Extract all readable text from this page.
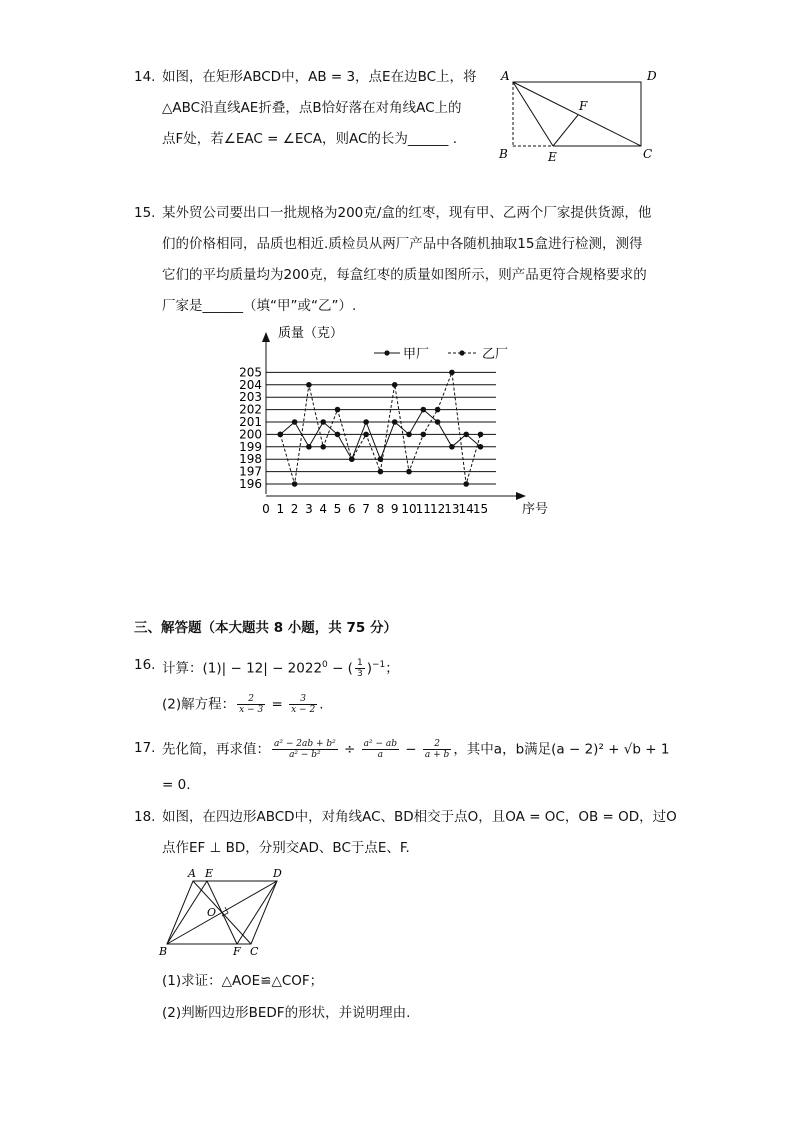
14. 如图，在矩形ABCD中，AB = 3，点E在边BC上，将
△ABC沿直线AE折叠，点B恰好落在对角线AC上的
点F处，若∠EAC = ∠ECA，则AC的长为______ .
A	D
B	E	C
F
15. 某外贸公司要出口一批规格为200克/盒的红枣，现有甲、乙两个厂家提供货源，他
们的价格相同，品质也相近.质检员从两厂产品中各随机抽取15盒进行检测，测得
它们的平均质量均为200克，每盒红枣的质量如图所示，则产品更符合规格要求的
厂家是______（填“甲”或“乙”）.
质量（克）
序号
甲厂	乙厂
196
197
198
199
200
201
202
203
204
205
0 1 2 3 4 5 6 7 8 9 10 11 12 13 14 15
三、解答题（本大题共 8 小题，共 75 分）
16. 计算：$(1)| - 12| - 2022^0$ − ( $\frac{1}{3} )^{-1}$；
(2)解方程： $\frac{2}{x - 3} = \frac{3}{x - 2}$ .
17. 先化简，再求值： $\frac{\text{a² − 2ab + b²}}{\text{a² − b²}} \div \frac{\text{a² − ab}}{a} - \frac{2}{a + b}$ ，其中a，b满足(a − 2)² + √b + 1
= 0.
18. 如图，在四边形ABCD中，对角线AC、BD相交于点O，且OA = OC，OB = OD，过O
点作EF ⊥ BD，分别交AD、BC于点E、F.
A E	D
O
B	F C
(1)求证：△AOE≌△COF；
(2)判断四边形BEDF的形状，并说明理由.
